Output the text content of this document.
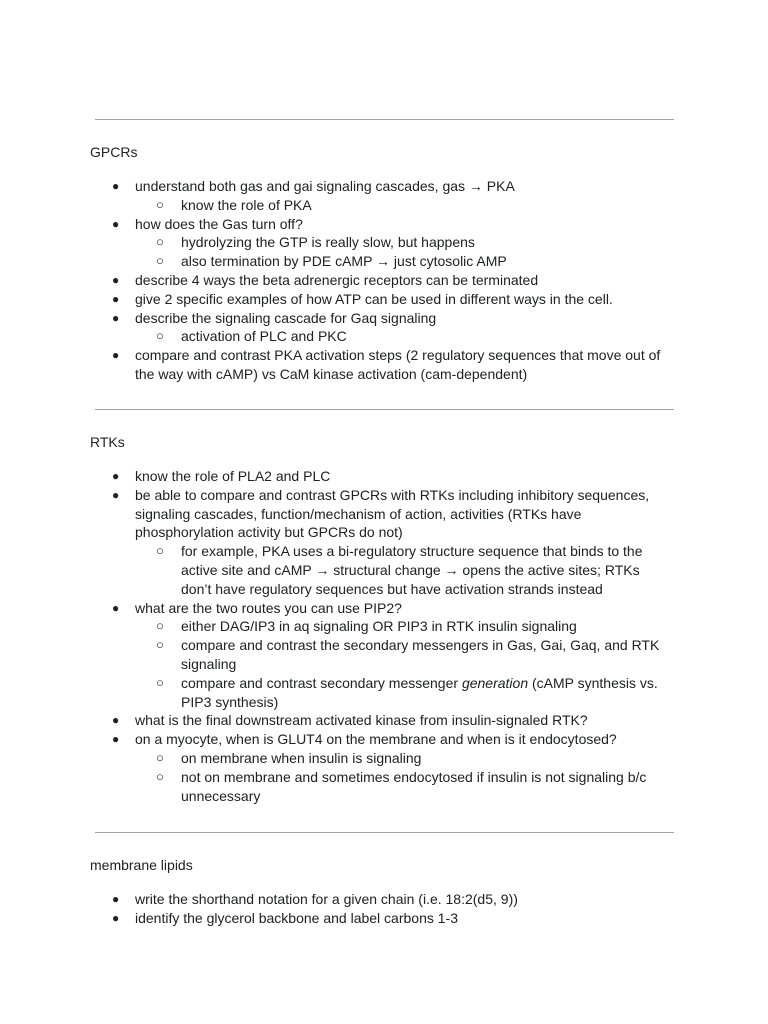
GPCRs
● understand both gas and gai signaling cascades, gas → PKA
○ know the role of PKA
● how does the Gas turn off?
○ hydrolyzing the GTP is really slow, but happens
○ also termination by PDE cAMP → just cytosolic AMP
● describe 4 ways the beta adrenergic receptors can be terminated
● give 2 specific examples of how ATP can be used in different ways in the cell.
● describe the signaling cascade for Gaq signaling
○ activation of PLC and PKC
● compare and contrast PKA activation steps (2 regulatory sequences that move out of the way with cAMP) vs CaM kinase activation (cam-dependent)
RTKs
● know the role of PLA2 and PLC
● be able to compare and contrast GPCRs with RTKs including inhibitory sequences, signaling cascades, function/mechanism of action, activities (RTKs have phosphorylation activity but GPCRs do not)
○ for example, PKA uses a bi-regulatory structure sequence that binds to the active site and cAMP → structural change → opens the active sites; RTKs don’t have regulatory sequences but have activation strands instead
● what are the two routes you can use PIP2?
○ either DAG/IP3 in aq signaling OR PIP3 in RTK insulin signaling
○ compare and contrast the secondary messengers in Gas, Gai, Gaq, and RTK signaling
○ compare and contrast secondary messenger generation (cAMP synthesis vs. PIP3 synthesis)
● what is the final downstream activated kinase from insulin-signaled RTK?
● on a myocyte, when is GLUT4 on the membrane and when is it endocytosed?
○ on membrane when insulin is signaling
○ not on membrane and sometimes endocytosed if insulin is not signaling b/c unnecessary
membrane lipids
● write the shorthand notation for a given chain (i.e. 18:2(d5, 9))
● identify the glycerol backbone and label carbons 1-3
